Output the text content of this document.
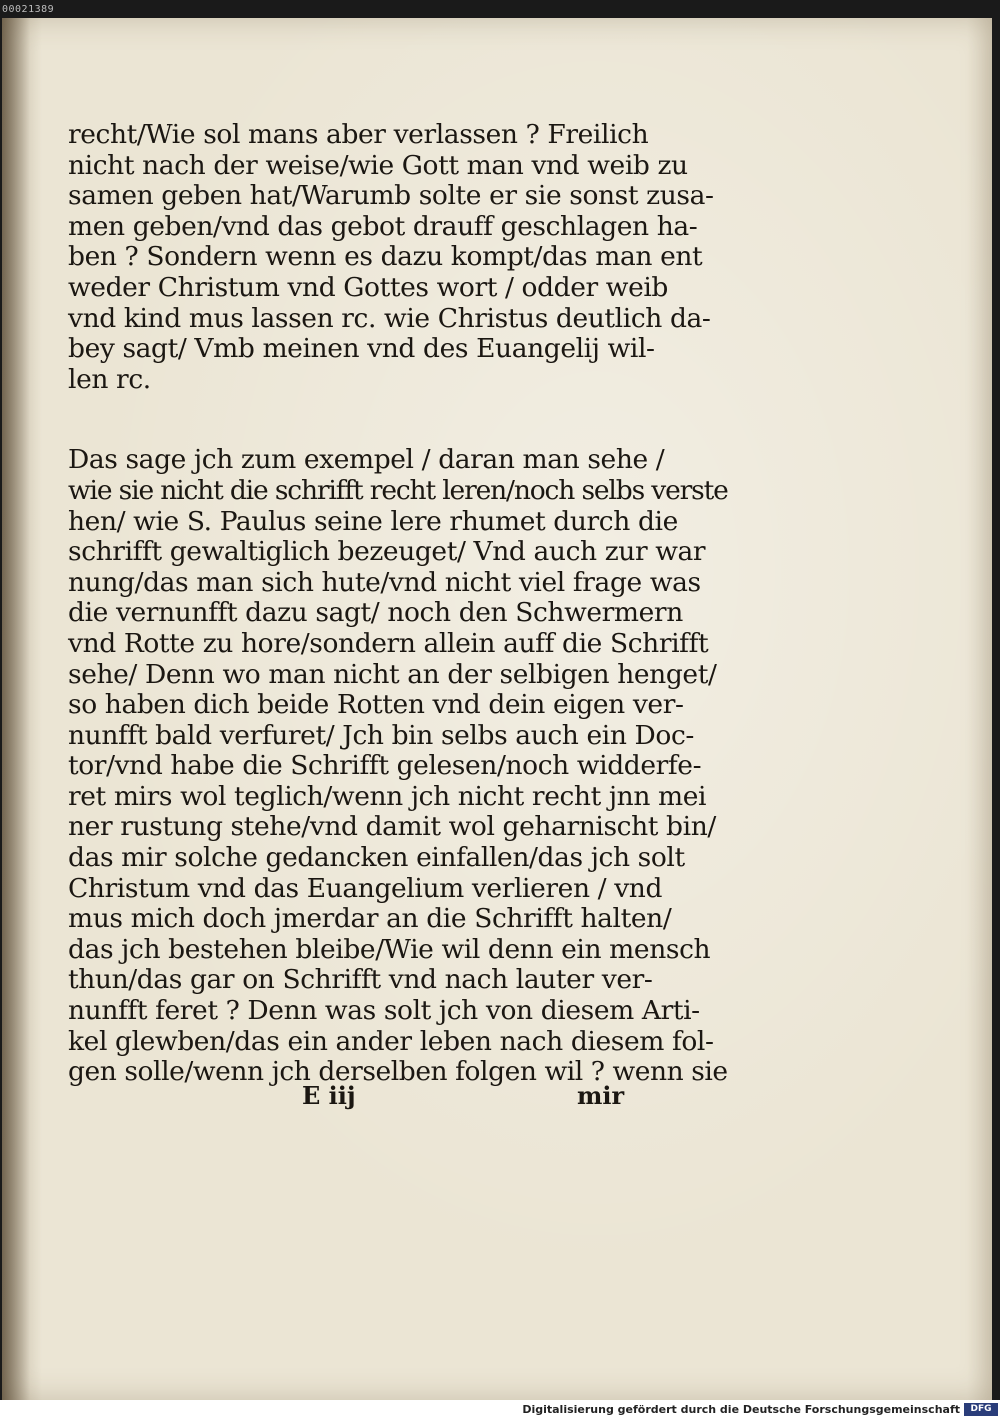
00021389
recht/Wie sol mans aber verlassen ? Freilich
nicht nach der weise/wie Gott man vnd weib zu
samen geben hat/Warumb solte er sie sonst zusa-
men geben/vnd das gebot drauff geschlagen ha-
ben ? Sondern wenn es dazu kompt/das man ent
weder Christum vnd Gottes wort / odder weib
vnd kind mus lassen rc. wie Christus deutlich da-
bey sagt/ Vmb meinen vnd des Euangelij wil-
len rc.
Das sage jch zum exempel / daran man sehe /
wie sie nicht die schrifft recht leren/noch selbs verste
hen/ wie S. Paulus seine lere rhumet durch die
schrifft gewaltiglich bezeuget/ Vnd auch zur war
nung/das man sich hute/vnd nicht viel frage was
die vernunfft dazu sagt/ noch den Schwermern
vnd Rotte zu hore/sondern allein auff die Schrifft
sehe/ Denn wo man nicht an der selbigen henget/
so haben dich beide Rotten vnd dein eigen ver-
nunfft bald verfuret/ Jch bin selbs auch ein Doc-
tor/vnd habe die Schrifft gelesen/noch widderfe-
ret mirs wol teglich/wenn jch nicht recht jnn mei
ner rustung stehe/vnd damit wol geharnischt bin/
das mir solche gedancken einfallen/das jch solt
Christum vnd das Euangelium verlieren / vnd
mus mich doch jmerdar an die Schrifft halten/
das jch bestehen bleibe/Wie wil denn ein mensch
thun/das gar on Schrifft vnd nach lauter ver-
nunfft feret ? Denn was solt jch von diesem Arti-
kel glewben/das ein ander leben nach diesem fol-
gen solle/wenn jch derselben folgen wil ? wenn sie
E iij	mir
Digitalisierung gefördert durch die Deutsche Forschungsgemeinschaft	DFG
